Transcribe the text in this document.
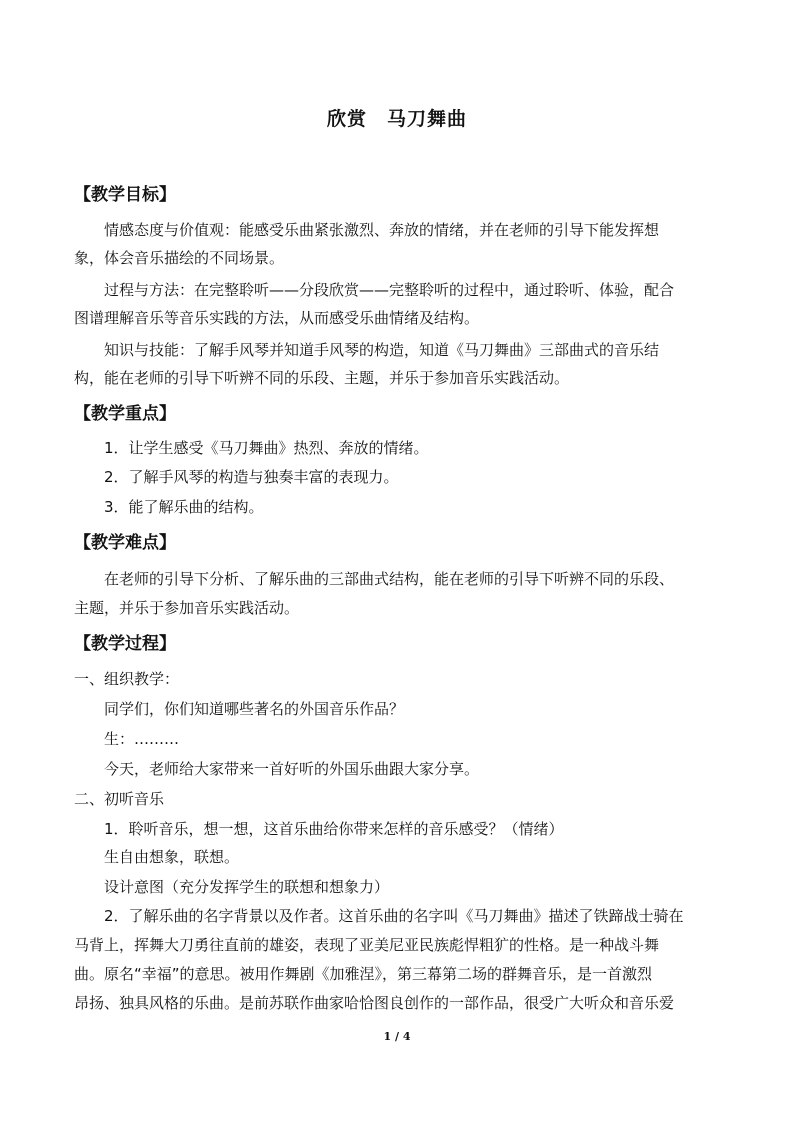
欣赏　马刀舞曲
【教学目标】
情感态度与价值观：能感受乐曲紧张激烈、奔放的情绪，并在老师的引导下能发挥想
象，体会音乐描绘的不同场景。
过程与方法：在完整聆听——分段欣赏——完整聆听的过程中，通过聆听、体验，配合
图谱理解音乐等音乐实践的方法，从而感受乐曲情绪及结构。
知识与技能：了解手风琴并知道手风琴的构造，知道《马刀舞曲》三部曲式的音乐结
构，能在老师的引导下听辨不同的乐段、主题，并乐于参加音乐实践活动。
【教学重点】
1．让学生感受《马刀舞曲》热烈、奔放的情绪。
2．了解手风琴的构造与独奏丰富的表现力。
3．能了解乐曲的结构。
【教学难点】
在老师的引导下分析、了解乐曲的三部曲式结构，能在老师的引导下听辨不同的乐段、
主题，并乐于参加音乐实践活动。
【教学过程】
一、组织教学：
同学们，你们知道哪些著名的外国音乐作品？
生：………
今天，老师给大家带来一首好听的外国乐曲跟大家分享。
二、初听音乐
1．聆听音乐，想一想，这首乐曲给你带来怎样的音乐感受？（情绪）
生自由想象，联想。
设计意图（充分发挥学生的联想和想象力）
2．了解乐曲的名字背景以及作者。这首乐曲的名字叫《马刀舞曲》描述了铁蹄战士骑在
马背上，挥舞大刀勇往直前的雄姿，表现了亚美尼亚民族彪悍粗犷的性格。是一种战斗舞
曲。原名“幸福”的意思。被用作舞剧《加雅涅》，第三幕第二场的群舞音乐，是一首激烈
昂扬、独具风格的乐曲。是前苏联作曲家哈恰图良创作的一部作品，很受广大听众和音乐爱
1 / 4
